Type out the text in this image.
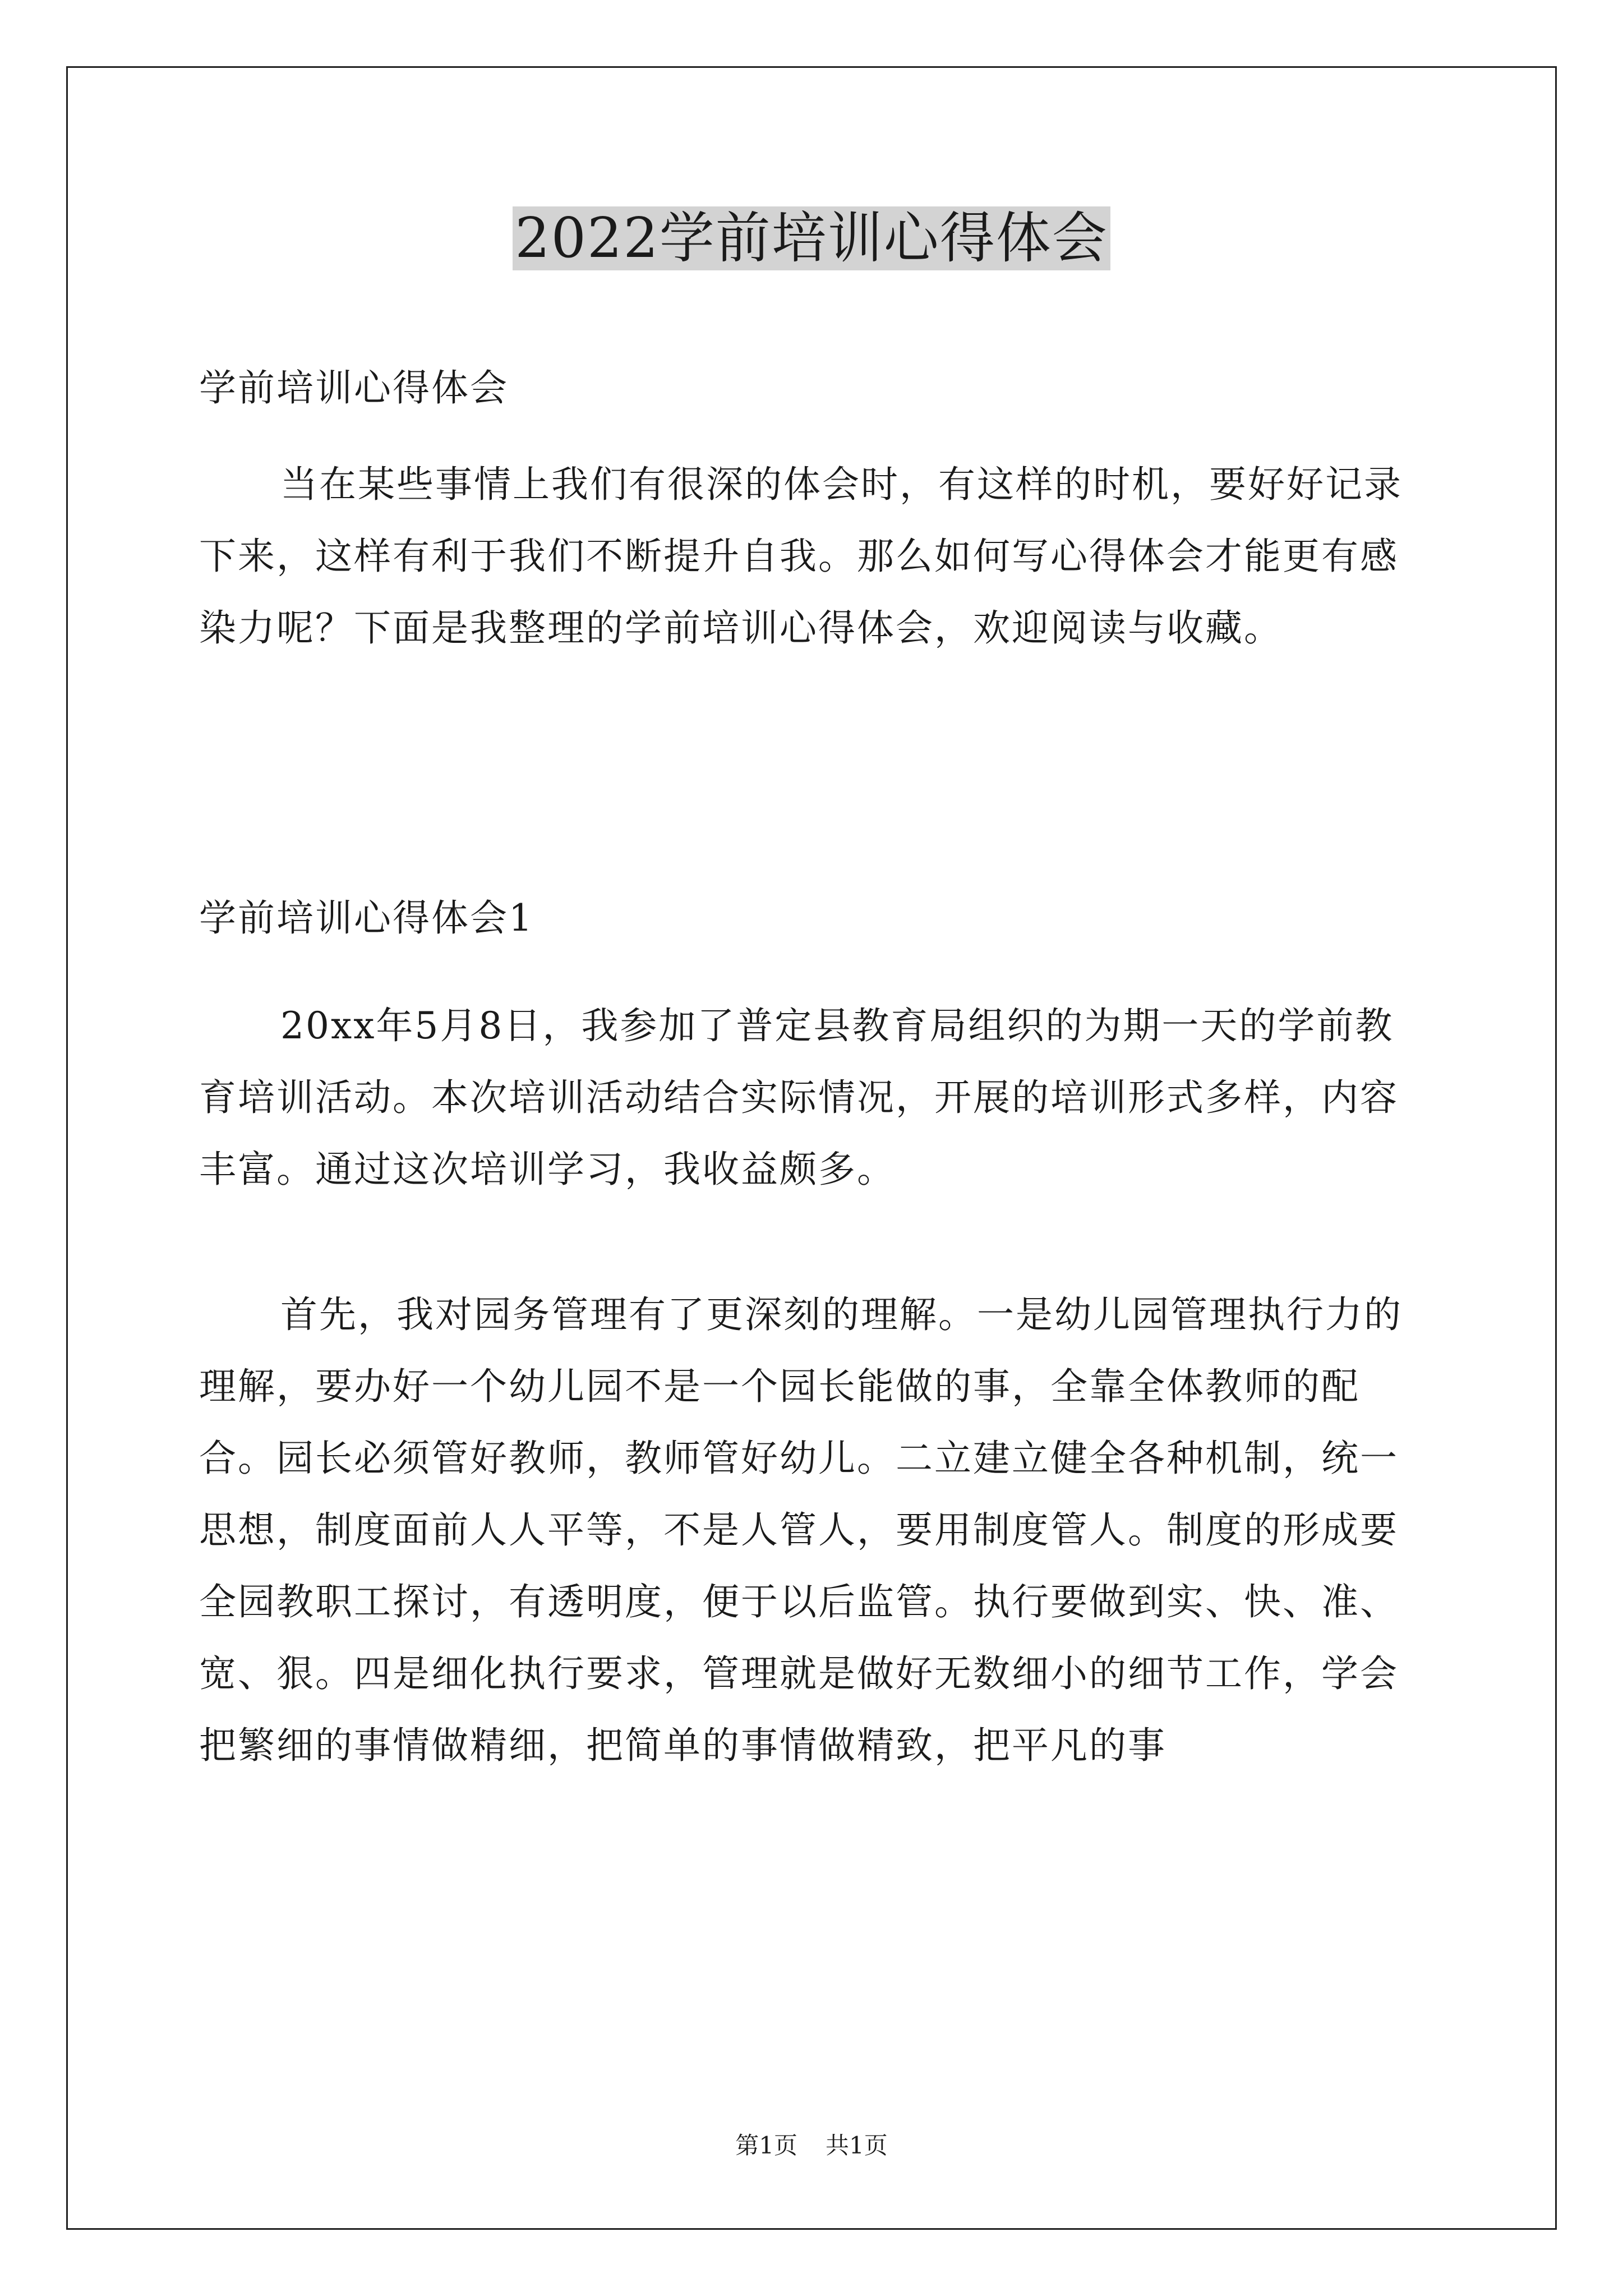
2022学前培训心得体会

学前培训心得体会

当在某些事情上我们有很深的体会时，有这样的时机，要好好记录下来，这样有利于我们不断提升自我。那么如何写心得体会才能更有感染力呢？下面是我整理的学前培训心得体会，欢迎阅读与收藏。

学前培训心得体会1

20xx年5月8日，我参加了普定县教育局组织的为期一天的学前教育培训活动。本次培训活动结合实际情况，开展的培训形式多样，内容丰富。通过这次培训学习，我收益颇多。

首先，我对园务管理有了更深刻的理解。一是幼儿园管理执行力的理解，要办好一个幼儿园不是一个园长能做的事，全靠全体教师的配合。园长必须管好教师，教师管好幼儿。二立建立健全各种机制，统一思想，制度面前人人平等，不是人管人，要用制度管人。制度的形成要全园教职工探讨，有透明度，便于以后监管。执行要做到实、快、准、宽、狠。四是细化执行要求，管理就是做好无数细小的细节工作，学会把繁细的事情做精细，把简单的事情做精致，把平凡的事

第1页 共1页
